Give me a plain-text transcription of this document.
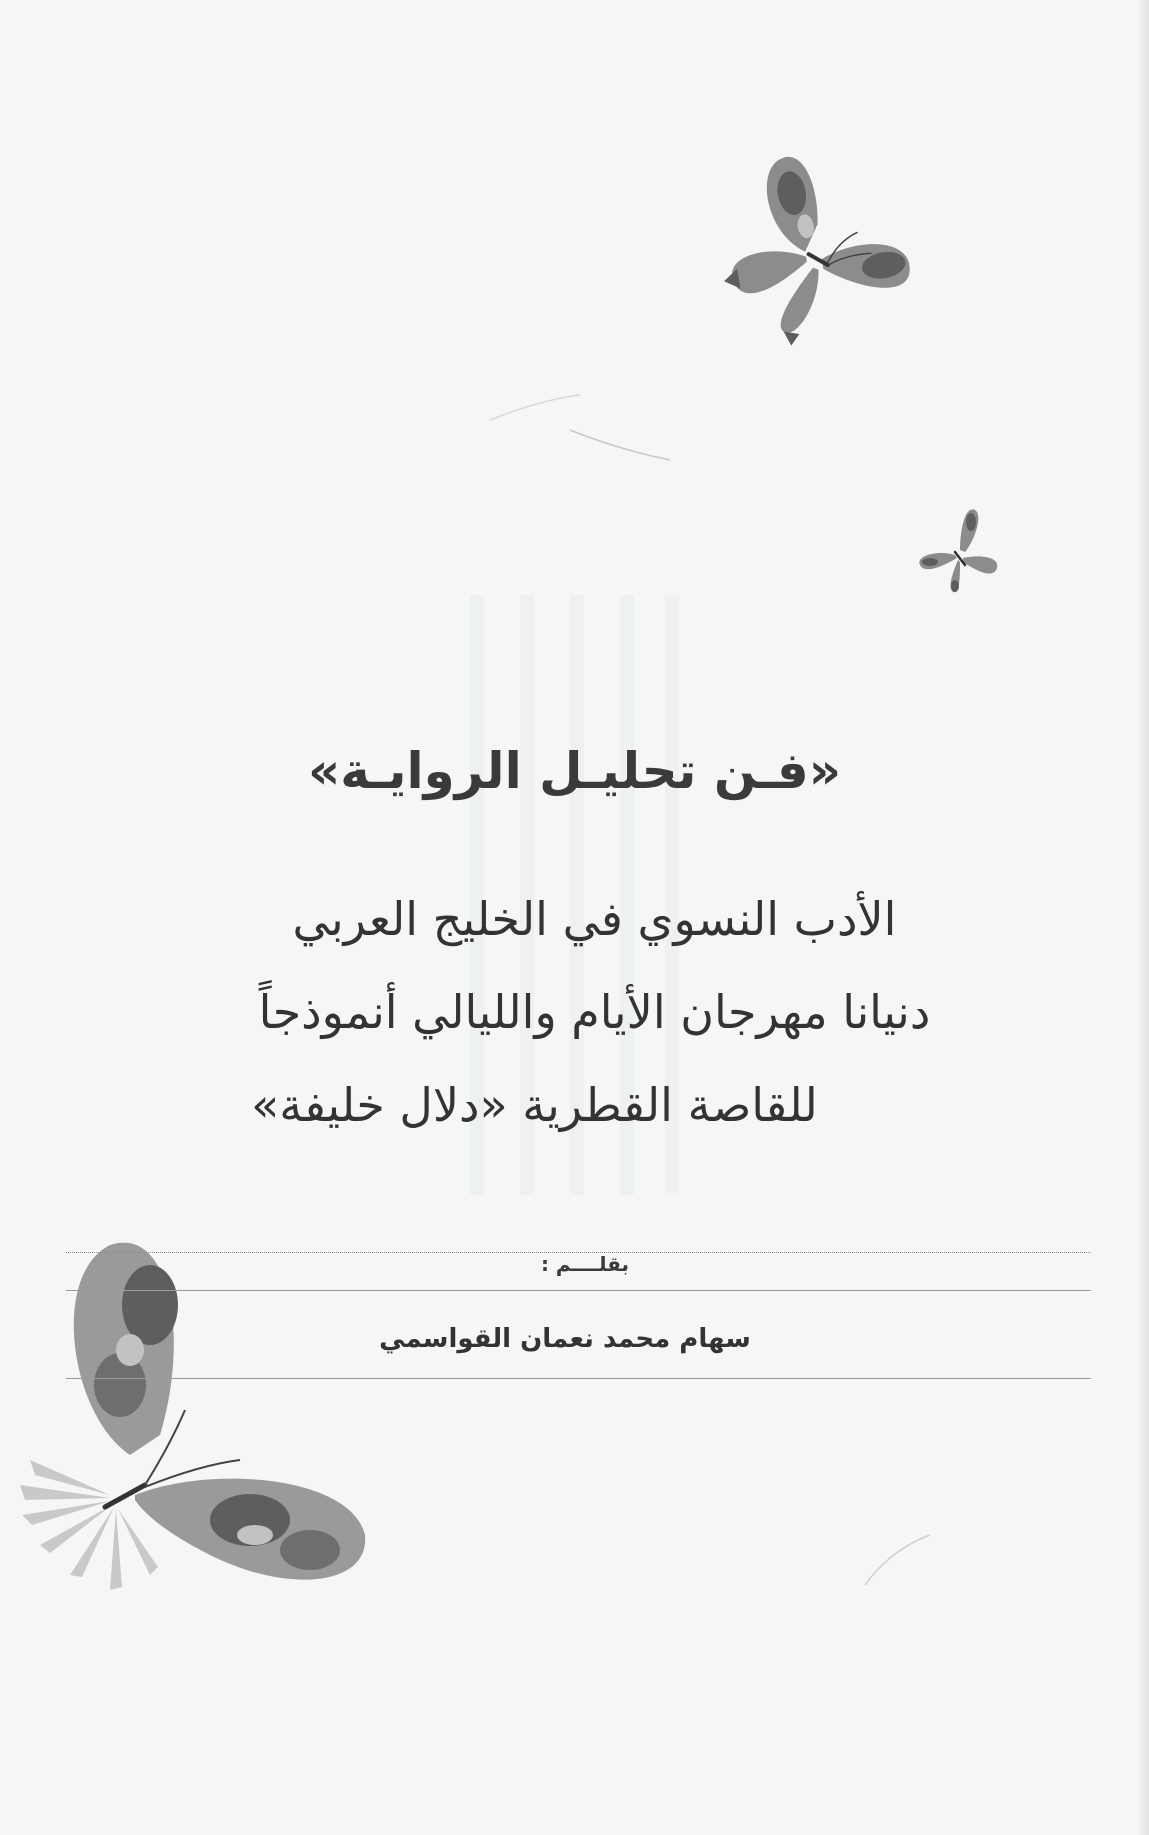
«فـن تحليـل الروايـة»
الأدب النسوي في الخليج العربي
دنيانا مهرجان الأيام والليالي أنموذجاً
للقاصة القطرية «دلال خليفة»
بقلــــم :
سهام محمد نعمان القواسمي
